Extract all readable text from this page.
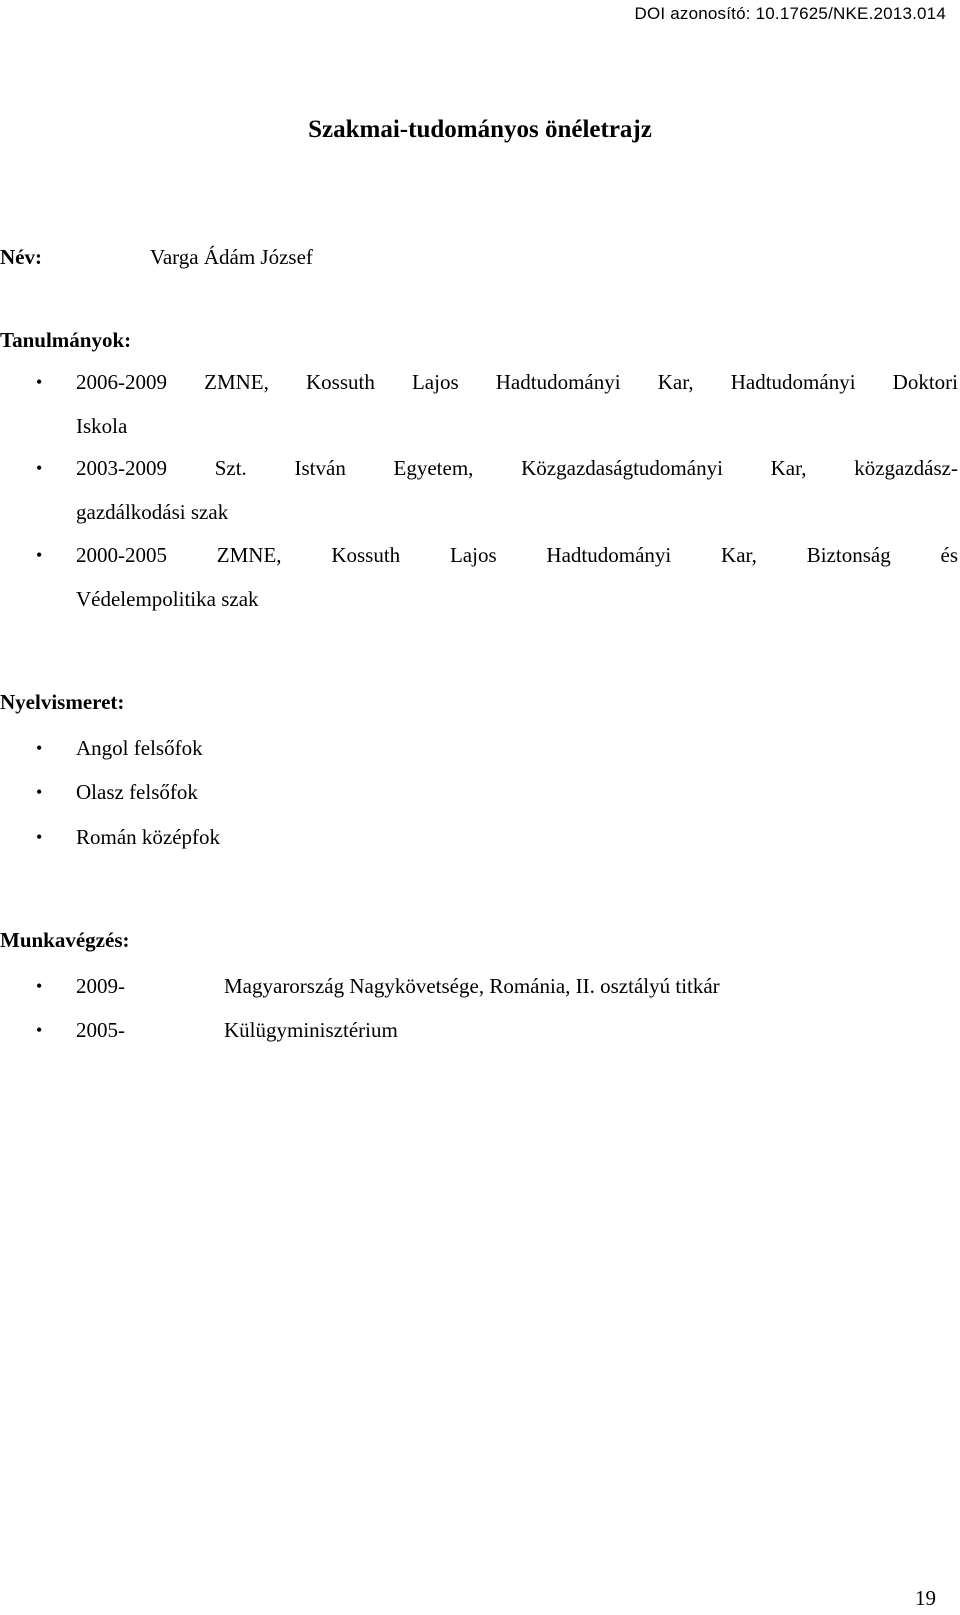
DOI azonosító: 10.17625/NKE.2013.014
Szakmai-tudományos önéletrajz
Név:	Varga Ádám József
Tanulmányok:
• 2006-2009 ZMNE, Kossuth Lajos Hadtudományi Kar, Hadtudományi Doktori
Iskola
• 2003-2009 Szt. István Egyetem, Közgazdaságtudományi Kar, közgazdász-
gazdálkodási szak
• 2000-2005 ZMNE, Kossuth Lajos Hadtudományi Kar, Biztonság és
Védelempolitika szak
Nyelvismeret:
• Angol felsőfok
• Olasz felsőfok
• Román középfok
Munkavégzés:
• 2009-	Magyarország Nagykövetsége, Románia, II. osztályú titkár
• 2005-	Külügyminisztérium
19
